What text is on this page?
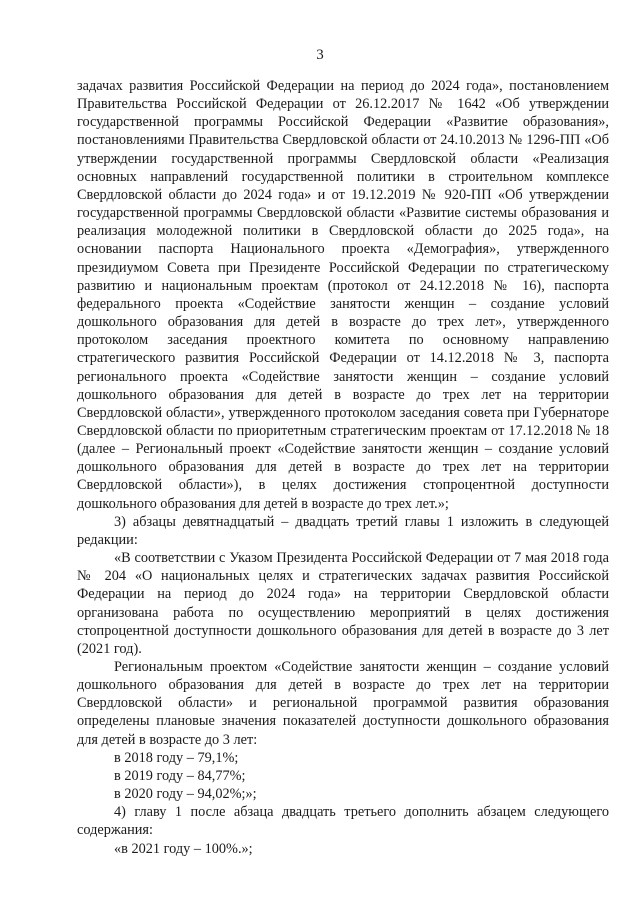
3

задачах развития Российской Федерации на период до 2024 года», постановлением Правительства Российской Федерации от 26.12.2017 № 1642 «Об утверждении государственной программы Российской Федерации «Развитие образования», постановлениями Правительства Свердловской области от 24.10.2013 № 1296-ПП «Об утверждении государственной программы Свердловской области «Реализация основных направлений государственной политики в строительном комплексе Свердловской области до 2024 года» и от 19.12.2019 № 920-ПП «Об утверждении государственной программы Свердловской области «Развитие системы образования и реализация молодежной политики в Свердловской области до 2025 года», на основании паспорта Национального проекта «Демография», утвержденного президиумом Совета при Президенте Российской Федерации по стратегическому развитию и национальным проектам (протокол от 24.12.2018 № 16), паспорта федерального проекта «Содействие занятости женщин – создание условий дошкольного образования для детей в возрасте до трех лет», утвержденного протоколом заседания проектного комитета по основному направлению стратегического развития Российской Федерации от 14.12.2018 № 3, паспорта регионального проекта «Содействие занятости женщин – создание условий дошкольного образования для детей в возрасте до трех лет на территории Свердловской области», утвержденного протоколом заседания совета при Губернаторе Свердловской области по приоритетным стратегическим проектам от 17.12.2018 № 18 (далее – Региональный проект «Содействие занятости женщин – создание условий дошкольного образования для детей в возрасте до трех лет на территории Свердловской области»), в целях достижения стопроцентной доступности дошкольного образования для детей в возрасте до трех лет.»;

3) абзацы девятнадцатый – двадцать третий главы 1 изложить в следующей редакции:

«В соответствии с Указом Президента Российской Федерации от 7 мая 2018 года № 204 «О национальных целях и стратегических задачах развития Российской Федерации на период до 2024 года» на территории Свердловской области организована работа по осуществлению мероприятий в целях достижения стопроцентной доступности дошкольного образования для детей в возрасте до 3 лет (2021 год).

Региональным проектом «Содействие занятости женщин – создание условий дошкольного образования для детей в возрасте до трех лет на территории Свердловской области» и региональной программой развития образования определены плановые значения показателей доступности дошкольного образования для детей в возрасте до 3 лет:

в 2018 году – 79,1%;

в 2019 году – 84,77%;

в 2020 году – 94,02%;»;

4) главу 1 после абзаца двадцать третьего дополнить абзацем следующего содержания:

«в 2021 году – 100%.»;
